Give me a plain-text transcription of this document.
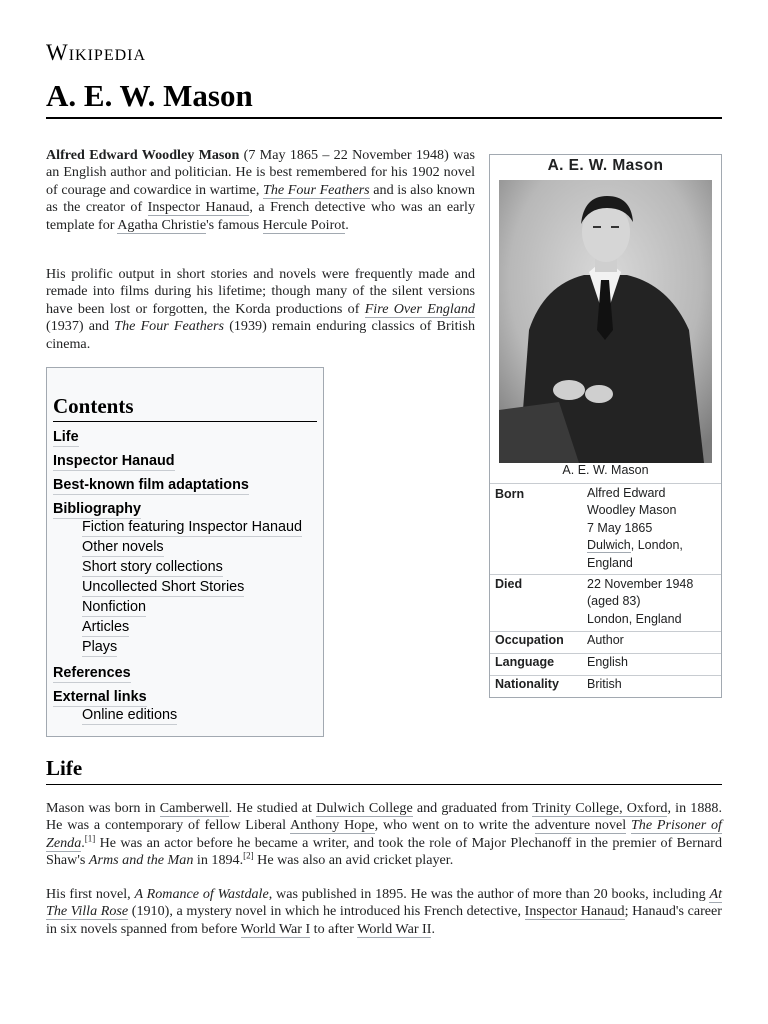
Wikipedia
A. E. W. Mason

Alfred Edward Woodley Mason (7 May 1865 – 22 November 1948) was an English author and politician. He is best remembered for his 1902 novel of courage and cowardice in wartime, The Four Feathers and is also known as the creator of Inspector Hanaud, a French detective who was an early template for Agatha Christie's famous Hercule Poirot.

His prolific output in short stories and novels were frequently made and remade into films during his lifetime; though many of the silent versions have been lost or forgotten, the Korda productions of Fire Over England (1937) and The Four Feathers (1939) remain enduring classics of British cinema.

A. E. W. Mason
A. E. W. Mason
Born	Alfred Edward
Woodley Mason
7 May 1865
Dulwich, London,
England
Died	22 November 1948
(aged 83)
London, England
Occupation Author
Language	English
Nationality British
Contents
Life
Inspector Hanaud
Best-known film adaptations
Bibliography
Fiction featuring Inspector Hanaud
Other novels
Short story collections
Uncollected Short Stories
Nonfiction
Articles
Plays
References
External links
Online editions
Life

Mason was born in Camberwell. He studied at Dulwich College and graduated from Trinity College, Oxford, in 1888. He was a contemporary of fellow Liberal Anthony Hope, who went on to write the adventure novel The Prisoner of Zenda.[1] He was an actor before he became a writer, and took the role of Major Plechanoff in the premier of Bernard Shaw's Arms and the Man in 1894.[2] He was also an avid cricket player.

His first novel, A Romance of Wastdale, was published in 1895. He was the author of more than 20 books, including At The Villa Rose (1910), a mystery novel in which he introduced his French detective, Inspector Hanaud; Hanaud's career in six novels spanned from before World War I to after World War II.
